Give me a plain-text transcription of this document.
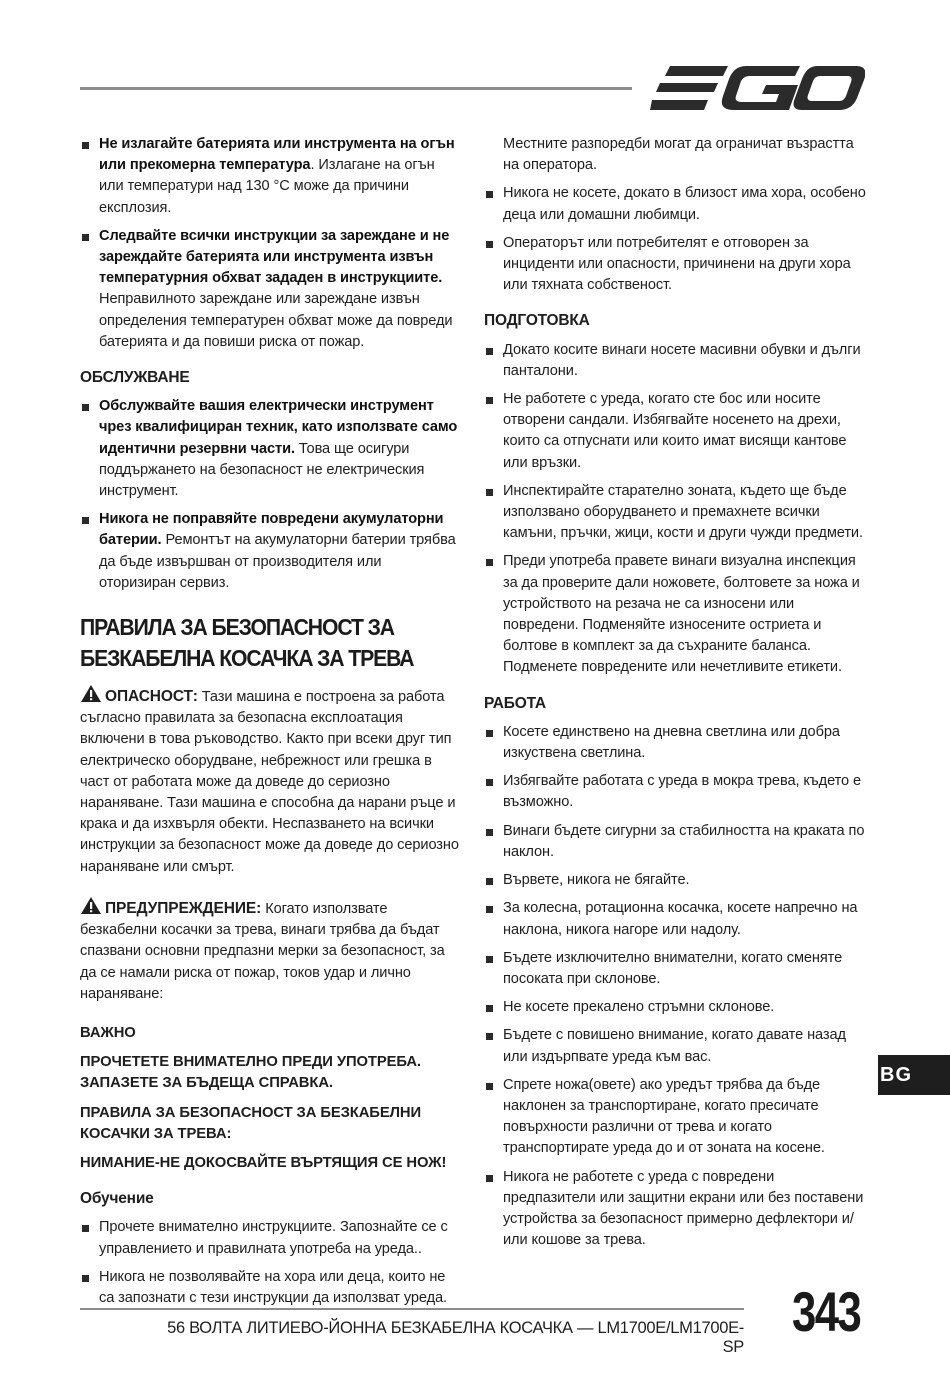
Не излагайте батерията или инструмента на огън или прекомерна температура. Излагане на огън или температури над 130 °C може да причини експлозия.
Следвайте всички инструкции за зареждане и не зареждайте батерията или инструмента извън температурния обхват зададен в инструкциите. Неправилното зареждане или зареждане извън определения температурен обхват може да повреди батерията и да повиши риска от пожар.
ОБСЛУЖВАНЕ
Обслужвайте вашия електрически инструмент чрез квалифициран техник, като използвате само идентични резервни части. Това ще осигури поддържането на безопасност не електрическия инструмент.
Никога не поправяйте повредени акумулаторни батерии. Ремонтът на акумулаторни батерии трябва да бъде извършван от производителя или оторизиран сервиз.
ПРАВИЛА ЗА БЕЗОПАСНОСТ ЗА БЕЗКАБЕЛНА КОСАЧКА ЗА ТРЕВА

ОПАСНОСТ: Тази машина е построена за работа съгласно правилата за безопасна експлоатация включени в това ръководство. Както при всеки друг тип електрическо оборудване, небрежност или грешка в част от работата може да доведе до сериозно нараняване. Тази машина е способна да нарани ръце и крака и да изхвърля обекти. Неспазването на всички инструкции за безопасност може да доведе до сериозно нараняване или смърт.

ПРЕДУПРЕЖДЕНИЕ: Когато използвате безкабелни косачки за трева, винаги трябва да бъдат спазвани основни предпазни мерки за безопасност, за да се намали риска от пожар, токов удар и лично нараняване:

ВАЖНО
ПРОЧЕТЕТЕ ВНИМАТЕЛНО ПРЕДИ УПОТРЕБА. ЗАПАЗЕТЕ ЗА БЪДЕЩА СПРАВКА.
ПРАВИЛА ЗА БЕЗОПАСНОСТ ЗА БЕЗКАБЕЛНИ КОСАЧКИ ЗА ТРЕВА:
НИМАНИЕ-НЕ ДОКОСВАЙТЕ ВЪРТЯЩИЯ СЕ НОЖ!
Обучение
Прочете внимателно инструкциите. Запознайте се с управлението и правилната употреба на уреда..
Никога не позволявайте на хора или деца, които не са запознати с тези инструкции да използват уреда.

Местните разпоредби могат да ограничат възрастта на оператора.

Никога не косете, докато в близост има хора, особено деца или домашни любимци.
Операторът или потребителят е отговорен за инциденти или опасности, причинени на други хора или тяхната собственост.
ПОДГОТОВКА
Докато косите винаги носете масивни обувки и дълги панталони.
Не работете с уреда, когато сте бос или носите отворени сандали. Избягвайте носенето на дрехи, които са отпуснати или които имат висящи кантове или връзки.
Инспектирайте старателно зоната, където ще бъде използвано оборудването и премахнете всички камъни, пръчки, жици, кости и други чужди предмети.
Преди употреба правете винаги визуална инспекция за да проверите дали ножовете, болтовете за ножа и устройството на резача не са износени или повредени. Подменяйте износените остриета и болтове в комплект за да съхраните баланса. Подменете повредените или нечетливите етикети.
РАБОТА
Косете единствено на дневна светлина или добра изкуствена светлина.
Избягвайте работата с уреда в мокра трева, където е възможно.
Винаги бъдете сигурни за стабилността на краката по наклон.
Вървете, никога не бягайте.
За колесна, ротационна косачка, косете напречно на наклона, никога нагоре или надолу.
Бъдете изключително внимателни, когато сменяте посоката при склонове.
Не косете прекалено стръмни склонове.
Бъдете с повишено внимание, когато давате назад или издърпвате уреда към вас.
Спрете ножа(овете) ако уредът трябва да бъде наклонен за транспортиране, когато пресичате повърхности различни от трева и когато транспортирате уреда до и от зоната на косене.
Никога не работете с уреда с повредени предпазители или защитни екрани или без поставени устройства за безопасност примерно дефлектори и/или кошове за трева.
BG
56 ВОЛТА ЛИТИЕВО-ЙОННА БЕЗКАБЕЛНА КОСАЧКА — LM1700E/LM1700E-SP
343
